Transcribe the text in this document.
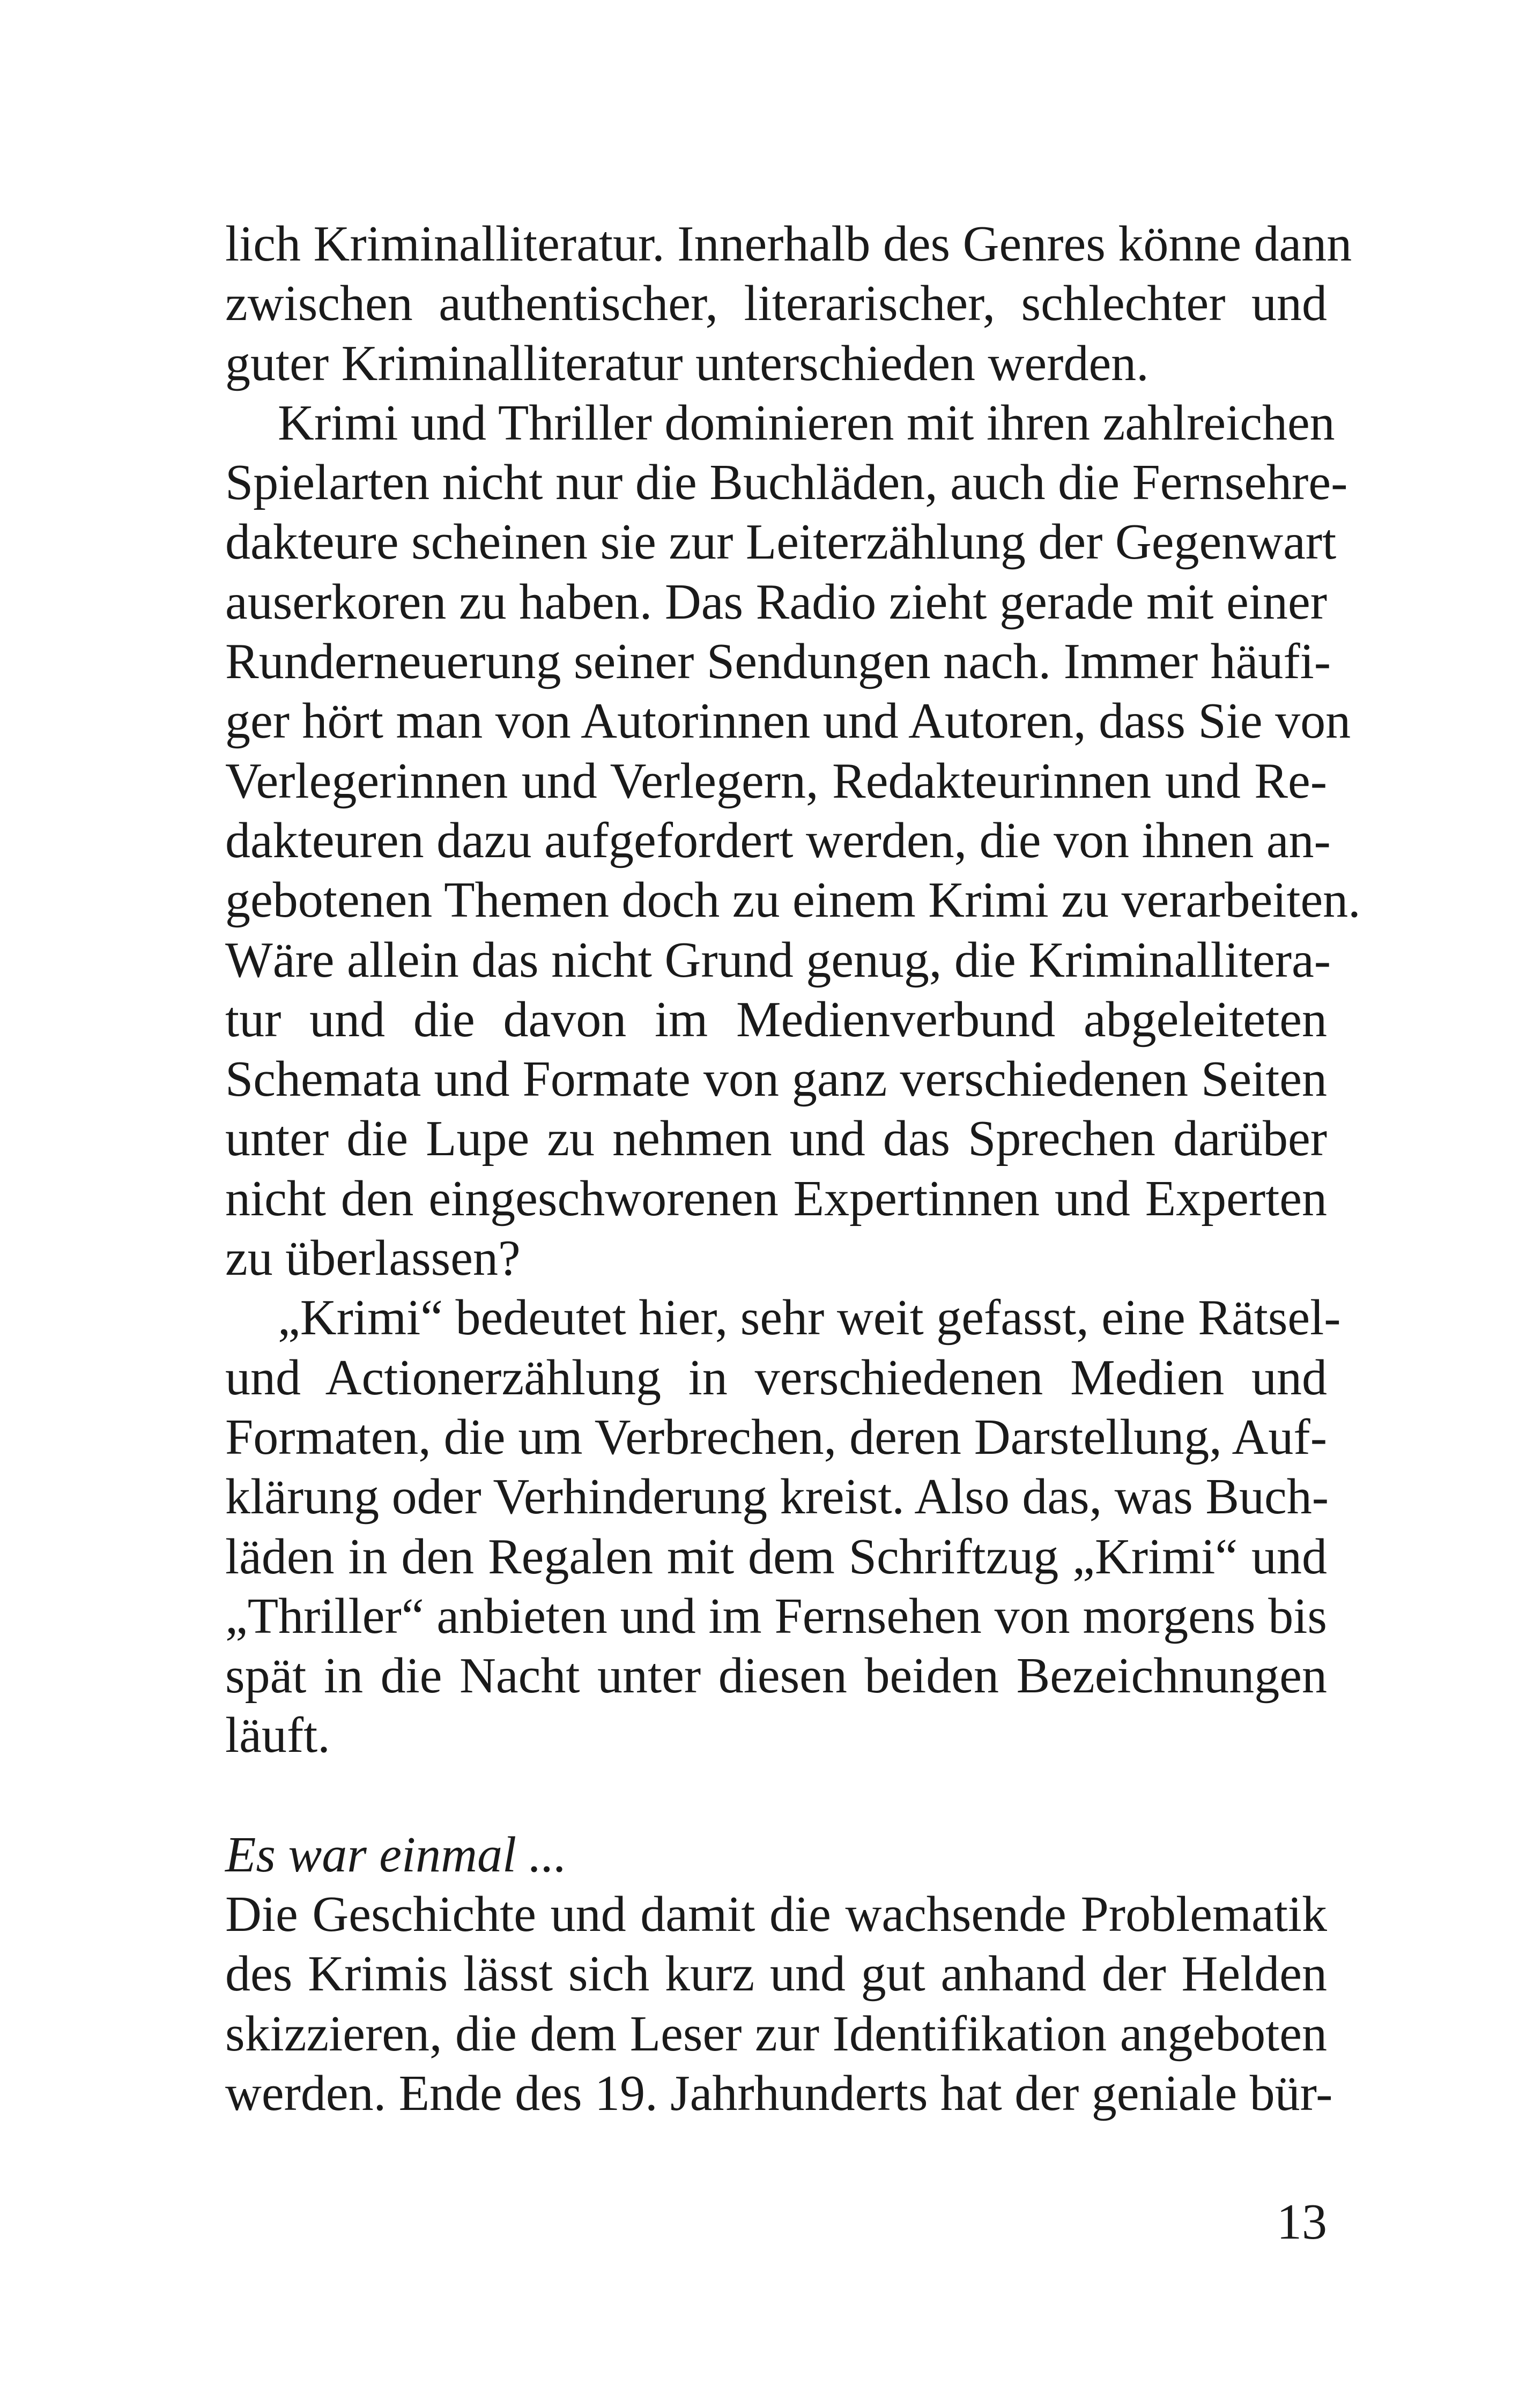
lich Kriminalliteratur. Innerhalb des Genres könne dann
zwischen authentischer, literarischer, schlechter und
guter Kriminalliteratur unterschieden werden.
Krimi und Thriller dominieren mit ihren zahlreichen
Spielarten nicht nur die Buchläden, auch die Fernsehre-
dakteure scheinen sie zur Leiterzählung der Gegenwart
auserkoren zu haben. Das Radio zieht gerade mit einer
Runderneuerung seiner Sendungen nach. Immer häufi-
ger hört man von Autorinnen und Autoren, dass Sie von
Verlegerinnen und Verlegern, Redakteurinnen und Re-
dakteuren dazu aufgefordert werden, die von ihnen an-
gebotenen Themen doch zu einem Krimi zu verarbeiten.
Wäre allein das nicht Grund genug, die Kriminallitera-
tur und die davon im Medienverbund abgeleiteten
Schemata und Formate von ganz verschiedenen Seiten
unter die Lupe zu nehmen und das Sprechen darüber
nicht den eingeschworenen Expertinnen und Experten
zu überlassen?
„Krimi“ bedeutet hier, sehr weit gefasst, eine Rätsel-
und Actionerzählung in verschiedenen Medien und
Formaten, die um Verbrechen, deren Darstellung, Auf-
klärung oder Verhinderung kreist. Also das, was Buch-
läden in den Regalen mit dem Schriftzug „Krimi“ und
„Thriller“ anbieten und im Fernsehen von morgens bis
spät in die Nacht unter diesen beiden Bezeichnungen
läuft.
Es war einmal ...
Die Geschichte und damit die wachsende Problematik
des Krimis lässt sich kurz und gut anhand der Helden
skizzieren, die dem Leser zur Identifikation angeboten
werden. Ende des 19. Jahrhunderts hat der geniale bür-
13
